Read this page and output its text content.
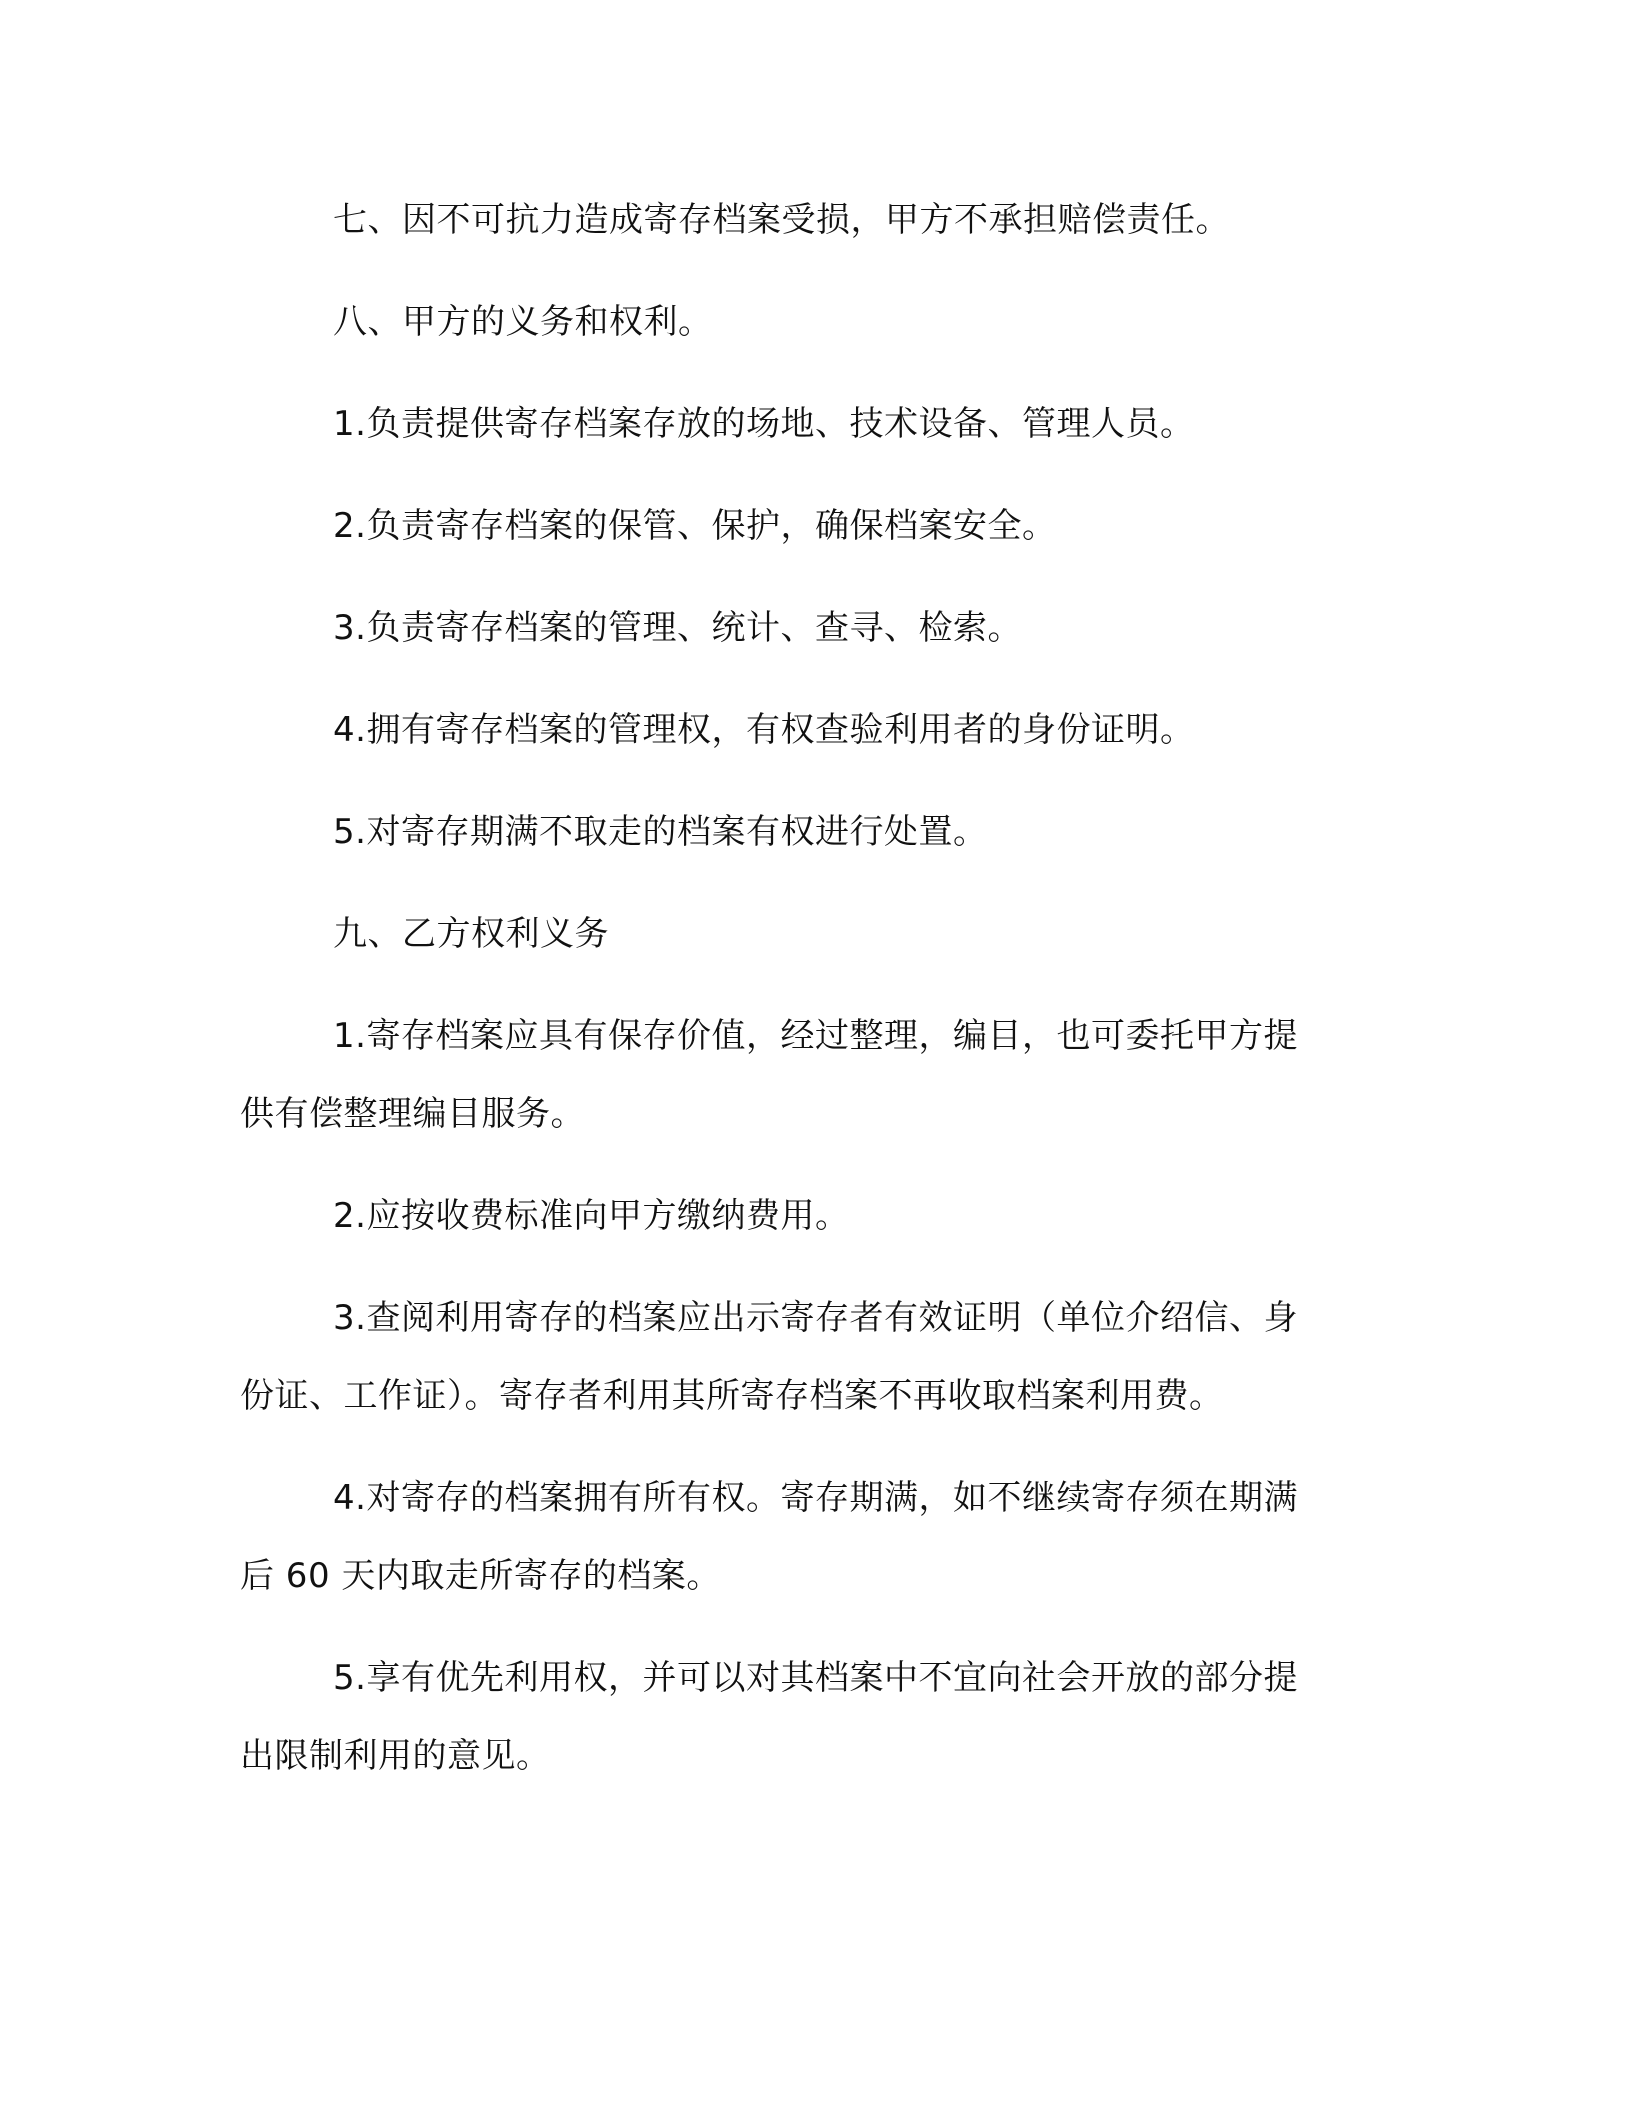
七、因不可抗力造成寄存档案受损，甲方不承担赔偿责任。
八、甲方的义务和权利。
1.负责提供寄存档案存放的场地、技术设备、管理人员。
2.负责寄存档案的保管、保护，确保档案安全。
3.负责寄存档案的管理、统计、查寻、检索。
4.拥有寄存档案的管理权，有权查验利用者的身份证明。
5.对寄存期满不取走的档案有权进行处置。
九、乙方权利义务
1.寄存档案应具有保存价值，经过整理，编目，也可委托甲方提
供有偿整理编目服务。
2.应按收费标准向甲方缴纳费用。
3.查阅利用寄存的档案应出示寄存者有效证明（单位介绍信、身
份证、工作证）。寄存者利用其所寄存档案不再收取档案利用费。
4.对寄存的档案拥有所有权。寄存期满，如不继续寄存须在期满
后 60 天内取走所寄存的档案。
5.享有优先利用权，并可以对其档案中不宜向社会开放的部分提
出限制利用的意见。
